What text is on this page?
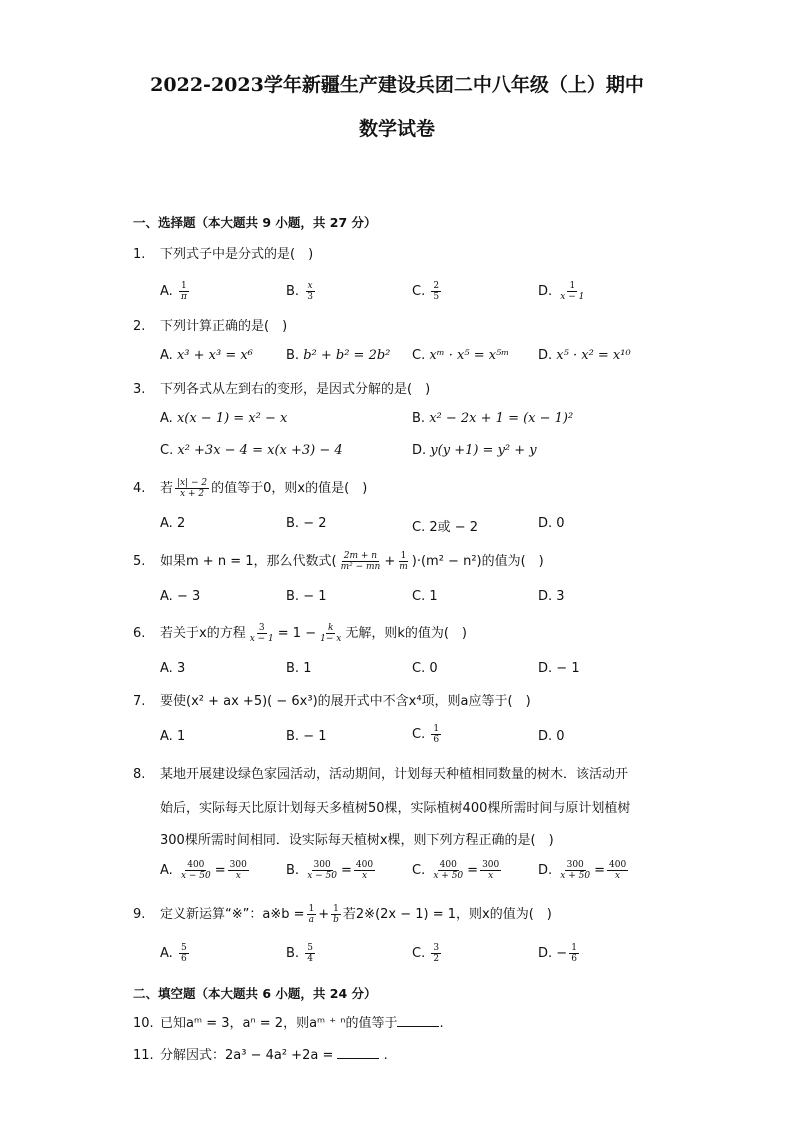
2022-2023学年新疆生产建设兵团二中八年级（上）期中
数学试卷
一、选择题（本大题共 9 小题，共 27 分）
1. 下列式子中是分式的是(　)
A. $\frac{1}{\pi}$	B. $\frac{x}{3}$	C. $\frac{2}{5}$	D. $\frac{1}{x - 1}$
2. 下列计算正确的是(　)
A. x³ + x³ = x⁶	B. b² + b² = 2b² C. xᵐ · x⁵ = x⁵ᵐ D. x⁵ · x² = x¹⁰
3. 下列各式从左到右的变形，是因式分解的是(　)
A. x(x − 1) = x² − x	B. x² − 2x + 1 = (x − 1)²
C. x² +3x − 4 = x(x +3) − 4	D. y(y +1) = y² + y
4. 若 $\frac{|x| - 2}{x + 2}$ 的值等于0，则x的值是(　)
A. 2	B. − 2	C. 2或 − 2	D. 0
5. 如果m + n = 1，那么代数式( $\frac{2m + n}{\text{m² − mn}} + \frac{1}{m} )\cdot(m^2 - n^2)$的值为(　)
A. − 3	B. − 1	C. 1	D. 3
6. 若关于x的方程 $\frac{3}{x - 1} = 1 - \frac{k}{1- x}$ 无解，则k的值为(　)
A. 3	B. 1	C. 0	D. − 1
7. 要使(x² + ax +5)( − 6x³)的展开式中不含x⁴项，则a应等于(　)
A. 1	B. − 1	C. $\frac{1}{6}$	D. 0
8. 某地开展建设绿色家园活动，活动期间，计划每天种植相同数量的树木．该活动开
始后，实际每天比原计划每天多植树50棵，实际植树400棵所需时间与原计划植树
300棵所需时间相同．设实际每天植树x棵，则下列方程正确的是(　)
A. $\frac{400}{x - 50} = \frac{300}{x}$	B. $\frac{300}{x - 50} = \frac{400}{x}$	C. $\frac{400}{x + 50} = \frac{300}{x}$	D. $\frac{300}{x + 50} = \frac{400}{x}$
9. 定义新运算“※”：a※b = $\frac{1}{a} + \frac{1}{b}$ 若2※(2x − 1) = 1，则x的值为(　)
A. $\frac{5}{6}$	B. $\frac{5}{4}$	C. $\frac{3}{2}$	D. − $\frac{1}{6}$
二、填空题（本大题共 6 小题，共 24 分）
10. 已知aᵐ = 3，aⁿ = 2，则aᵐ ⁺ ⁿ的值等于	.
11. 分解因式：2a³ − 4a² +2a =	.
